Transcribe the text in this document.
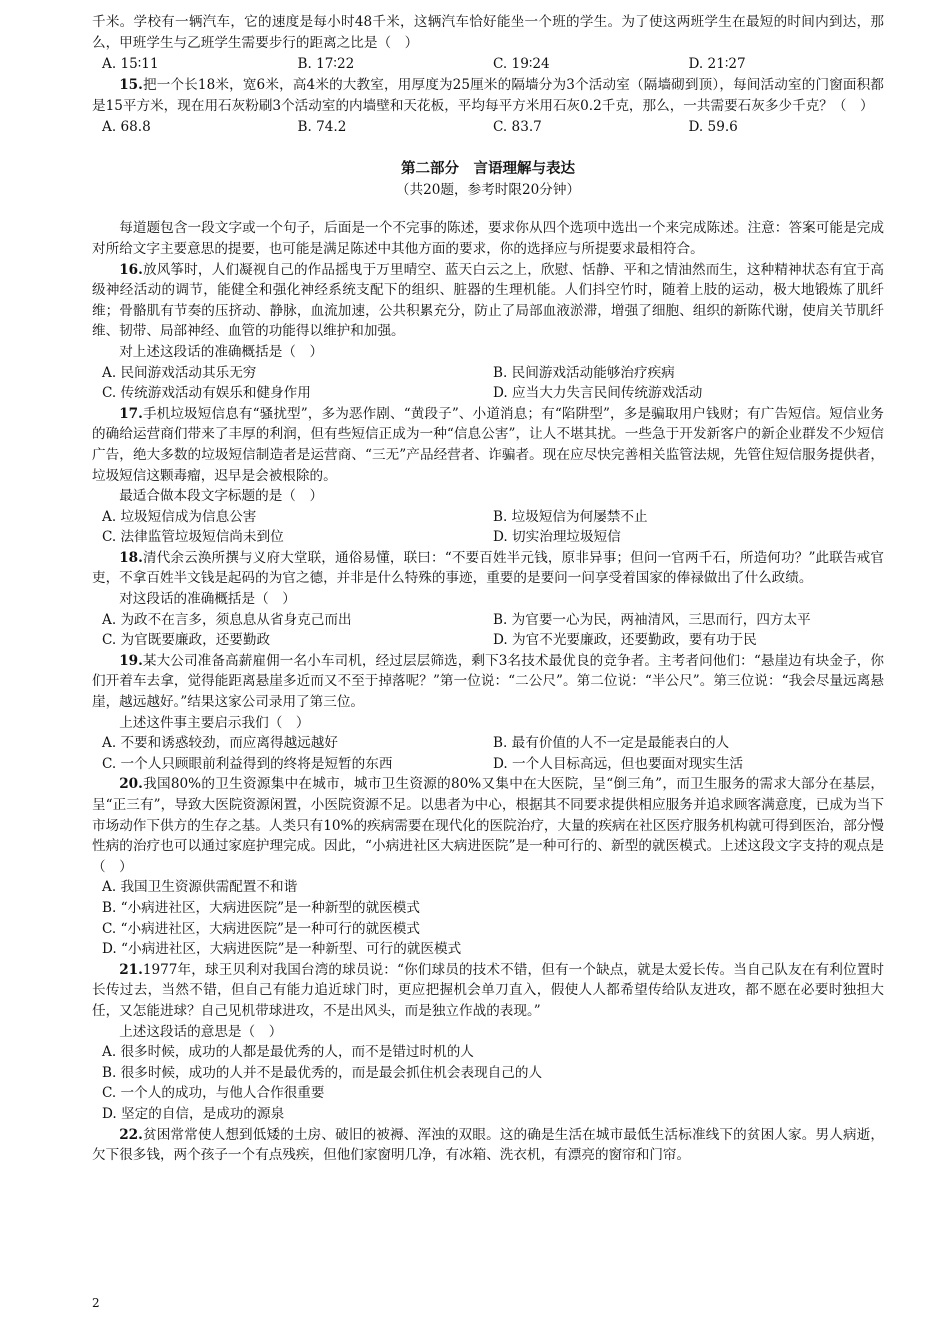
千米。学校有一辆汽车，它的速度是每小时48千米，这辆汽车恰好能坐一个班的学生。为了使这两班学生在最短的时间内到达，那么，甲班学生与乙班学生需要步行的距离之比是（　）

A. 15∶11	B. 17∶22	C. 19∶24	D. 21∶27

15.把一个长18米，宽6米，高4米的大教室，用厚度为25厘米的隔墙分为3个活动室（隔墙砌到顶），每间活动室的门窗面积都是15平方米，现在用石灰粉刷3个活动室的内墙壁和天花板，平均每平方米用石灰0.2千克，那么，一共需要石灰多少千克？（　）

A. 68.8	B. 74.2	C. 83.7	D. 59.6
第二部分　言语理解与表达
（共20题，参考时限20分钟）

每道题包含一段文字或一个句子，后面是一个不完事的陈述，要求你从四个选项中选出一个来完成陈述。注意：答案可能是完成对所给文字主要意思的提要，也可能是满足陈述中其他方面的要求，你的选择应与所提要求最相符合。

16.放风筝时，人们凝视自己的作品摇曳于万里晴空、蓝天白云之上，欣慰、恬静、平和之情油然而生，这种精神状态有宜于高级神经活动的调节，能健全和强化神经系统支配下的组织、脏器的生理机能。人们抖空竹时，随着上肢的运动，极大地锻炼了肌纤维；骨骼肌有节奏的压挤动、静脉，血流加速，公共积累充分，防止了局部血液淤滞，增强了细胞、组织的新陈代谢，使肩关节肌纤维、韧带、局部神经、血管的功能得以维护和加强。

对上述这段话的准确概括是（　）

A. 民间游戏活动其乐无穷	B. 民间游戏活动能够治疗疾病
C. 传统游戏活动有娱乐和健身作用	D. 应当大力失言民间传统游戏活动

17.手机垃圾短信息有“骚扰型”，多为恶作剧、“黄段子”、小道消息；有“陷阱型”，多是骗取用户钱财；有广告短信。短信业务的确给运营商们带来了丰厚的利润，但有些短信正成为一种“信息公害”，让人不堪其扰。一些急于开发新客户的新企业群发不少短信广告，绝大多数的垃圾短信制造者是运营商、“三无”产品经营者、诈骗者。现在应尽快完善相关监管法规，先管住短信服务提供者，垃圾短信这颗毒瘤，迟早是会被根除的。

最适合做本段文字标题的是（　）

A. 垃圾短信成为信息公害	B. 垃圾短信为何屡禁不止
C. 法律监管垃圾短信尚未到位	D. 切实治理垃圾短信

18.清代余云涣所撰与义府大堂联，通俗易懂，联曰：“不要百姓半元钱，原非异事；但问一官两千石，所造何功？”此联告戒官吏，不拿百姓半文钱是起码的为官之德，并非是什么特殊的事迹，重要的是要问一问享受着国家的俸禄做出了什么政绩。

对这段话的准确概括是（　）

A. 为政不在言多，须息息从省身克己而出	B. 为官要一心为民，两袖清风，三思而行，四方太平
C. 为官既要廉政，还要勤政	D. 为官不光要廉政，还要勤政，要有功于民

19.某大公司准备高薪雇佣一名小车司机，经过层层筛选，剩下3名技术最优良的竞争者。主考者问他们：“悬崖边有块金子，你们开着车去拿，觉得能距离悬崖多近而又不至于掉落呢？”第一位说：“二公尺”。第二位说：“半公尺”。第三位说：“我会尽量远离悬崖，越远越好。”结果这家公司录用了第三位。

上述这件事主要启示我们（　）

A. 不要和诱惑较劲，而应离得越远越好	B. 最有价值的人不一定是最能表白的人
C. 一个人只顾眼前利益得到的终将是短暂的东西	D. 一个人目标高远，但也要面对现实生活

20.我国80%的卫生资源集中在城市，城市卫生资源的80%又集中在大医院，呈“倒三角”，而卫生服务的需求大部分在基层，呈“正三有”，导致大医院资源闲置，小医院资源不足。以患者为中心，根据其不同要求提供相应服务并追求顾客满意度，已成为当下市场动作下供方的生存之基。人类只有10%的疾病需要在现代化的医院治疗，大量的疾病在社区医疗服务机构就可得到医治，部分慢性病的治疗也可以通过家庭护理完成。因此，“小病进社区大病进医院”是一种可行的、新型的就医模式。上述这段文字支持的观点是（　）

A. 我国卫生资源供需配置不和谐
B. “小病进社区，大病进医院”是一种新型的就医模式
C. “小病进社区，大病进医院”是一种可行的就医模式
D. “小病进社区，大病进医院”是一种新型、可行的就医模式

21.1977年，球王贝利对我国台湾的球员说：“你们球员的技术不错，但有一个缺点，就是太爱长传。当自己队友在有利位置时长传过去，当然不错，但自己有能力追近球门时，更应把握机会单刀直入，假使人人都希望传给队友进攻，都不愿在必要时独担大任，又怎能进球？自己见机带球进攻，不是出风头，而是独立作战的表现。”

上述这段话的意思是（　）

A. 很多时候，成功的人都是最优秀的人，而不是错过时机的人
B. 很多时候，成功的人并不是最优秀的，而是最会抓住机会表现自己的人
C. 一个人的成功，与他人合作很重要
D. 坚定的自信，是成功的源泉

22.贫困常常使人想到低矮的土房、破旧的被褥、浑浊的双眼。这的确是生活在城市最低生活标准线下的贫困人家。男人病逝，欠下很多钱，两个孩子一个有点残疾，但他们家窗明几净，有冰箱、洗衣机，有漂亮的窗帘和门帘。

2
